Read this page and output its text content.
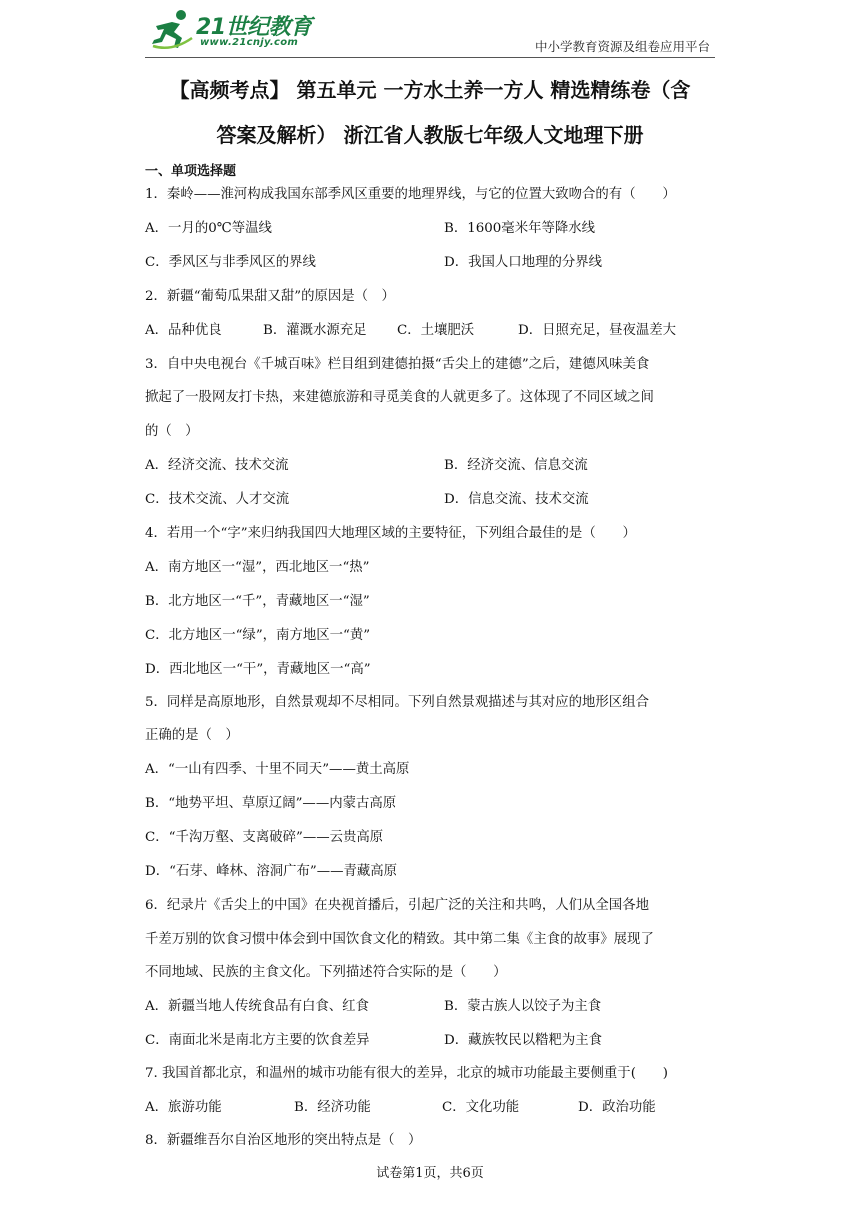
21世纪教育
www.21cnjy.com	中小学教育资源及组卷应用平台
【高频考点】 第五单元 一方水土养一方人 精选精练卷（含
答案及解析） 浙江省人教版七年级人文地理下册
一、单项选择题
1．秦岭——淮河构成我国东部季风区重要的地理界线，与它的位置大致吻合的有（　　）
A．一月的0℃等温线	B．1600毫米年等降水线
C．季风区与非季风区的界线	D．我国人口地理的分界线
2．新疆“葡萄瓜果甜又甜”的原因是（　）
A．品种优良	B．灌溉水源充足 C．土壤肥沃	D．日照充足，昼夜温差大
3．自中央电视台《千城百味》栏目组到建德拍摄“舌尖上的建德”之后，建德风味美食
掀起了一股网友打卡热，来建德旅游和寻觅美食的人就更多了。这体现了不同区域之间
的（　）
A．经济交流、技术交流	B．经济交流、信息交流
C．技术交流、人才交流	D．信息交流、技术交流
4．若用一个“字”来归纳我国四大地理区域的主要特征，下列组合最佳的是（　　）
A．南方地区一“湿”，西北地区一“热”
B．北方地区一“千”，青藏地区一“湿”
C．北方地区一“绿”，南方地区一“黄”
D．西北地区一“干”，青藏地区一“高”
5．同样是高原地形，自然景观却不尽相同。下列自然景观描述与其对应的地形区组合
正确的是（　）
A．“一山有四季、十里不同天”——黄土高原
B．“地势平坦、草原辽阔”——内蒙古高原
C．“千沟万壑、支离破碎”——云贵高原
D．“石芽、峰林、溶洞广布”——青藏高原
6．纪录片《舌尖上的中国》在央视首播后，引起广泛的关注和共鸣，人们从全国各地
千差万别的饮食习惯中体会到中国饮食文化的精致。其中第二集《主食的故事》展现了
不同地域、民族的主食文化。下列描述符合实际的是（　　）
A．新疆当地人传统食品有白食、红食	B．蒙古族人以饺子为主食
C．南面北米是南北方主要的饮食差异	D．藏族牧民以糌粑为主食
7. 我国首都北京，和温州的城市功能有很大的差异，北京的城市功能最主要侧重于(　　)
A．旅游功能	B．经济功能	C．文化功能	D．政治功能
8．新疆维吾尔自治区地形的突出特点是（　）
试卷第1页，共6页
